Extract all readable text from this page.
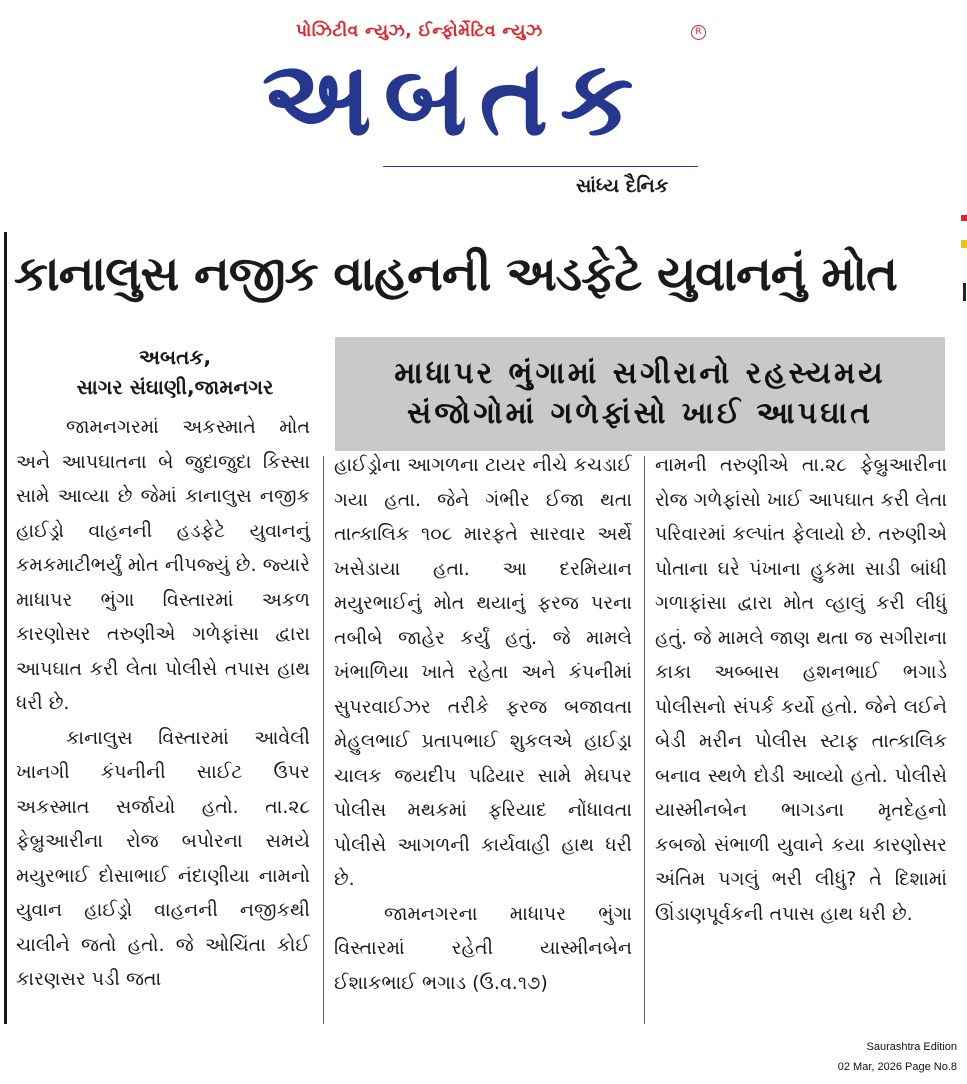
પોઝિટીવ ન્યુઝ, ઈન્ફોર્મેટિવ ન્યુઝ
અબતક
R
સાંધ્ય દૈનિક
કાનાલુસ નજીક વાહનની અડફેટે યુવાનનું મોત
અબતક,
સાગર સંઘાણી,જામનગર	માધાપર ભુંગામાં સગીરાનો રહસ્યમય
સંજોગોમાં ગળેફાંસો ખાઈ આપઘાત

જામનગરમાં અકસ્માતે મોત અને આપઘાતના બે જુદાજુદા કિસ્સા સામે આવ્યા છે જેમાં કાનાલુસ નજીક હાઈડ્રો વાહનની હડફેટે યુવાનનું કમકમાટીભર્યું મોત નીપજ્યું છે. જ્યારે માધાપર ભુંગા વિસ્તારમાં અકળ કારણોસર તરુણીએ ગળેફાંસા દ્વારા આપઘાત કરી લેતા પોલીસે તપાસ હાથ ધરી છે.

કાનાલુસ વિસ્તારમાં આવેલી ખાનગી કંપનીની સાઈટ ઉપર અકસ્માત સર્જાયો હતો. તા.૨૮ ફેબ્રુઆરીના રોજ બપોરના સમયે મયુરભાઈ દોસાભાઈ નંદાણીયા નામનો યુવાન હાઈડ્રો વાહનની નજીકથી ચાલીને જતો હતો. જે ઓચિંતા કોઈ કારણસર પડી જતા

હાઈડ્રોના આગળના ટાયર નીચે કચડાઈ ગયા હતા. જેને ગંભીર ઈજા થતા તાત્કાલિક ૧૦૮ મારફતે સારવાર અર્થે ખસેડાયા હતા. આ દરમિયાન મયુરભાઈનું મોત થયાનું ફરજ પરના તબીબે જાહેર કર્યું હતું. જે મામલે ખંભાળિયા ખાતે રહેતા અને કંપનીમાં સુપરવાઈઝર તરીકે ફરજ બજાવતા મેહુલભાઈ પ્રતાપભાઈ શુકલએ હાઈડ્રા ચાલક જયદીપ પઢિયાર સામે મેઘપર પોલીસ મથકમાં ફરિયાદ નોંધાવતા પોલીસે આગળની કાર્યવાહી હાથ ધરી છે.

જામનગરના માધાપર ભુંગા વિસ્તારમાં રહેતી યાસ્મીનબેન ઈશાકભાઈ ભગાડ (ઉ.વ.૧૭)

નામની તરુણીએ તા.૨૮ ફેબ્રુઆરીના રોજ ગળેફાંસો ખાઈ આપઘાત કરી લેતા પરિવારમાં કલ્પાંત ફેલાયો છે. તરુણીએ પોતાના ઘરે પંખાના હુકમા સાડી બાંધી ગળાફાંસા દ્વારા મોત વ્હાલું કરી લીધું હતું. જે મામલે જાણ થતા જ સગીરાના કાકા અબ્બાસ હશનભાઈ ભગાડે પોલીસનો સંપર્ક કર્યો હતો. જેને લઈને બેડી મરીન પોલીસ સ્ટાફ તાત્કાલિક બનાવ સ્થળે દોડી આવ્યો હતો. પોલીસે યાસ્મીનબેન ભાગડના મૃતદેહનો કબજો સંભાળી યુવાને કયા કારણોસર અંતિમ પગલું ભરી લીધું? તે દિશામાં ઊંડાણપૂર્વકની તપાસ હાથ ધરી છે.

Saurashtra Edition
02 Mar, 2026 Page No.8
